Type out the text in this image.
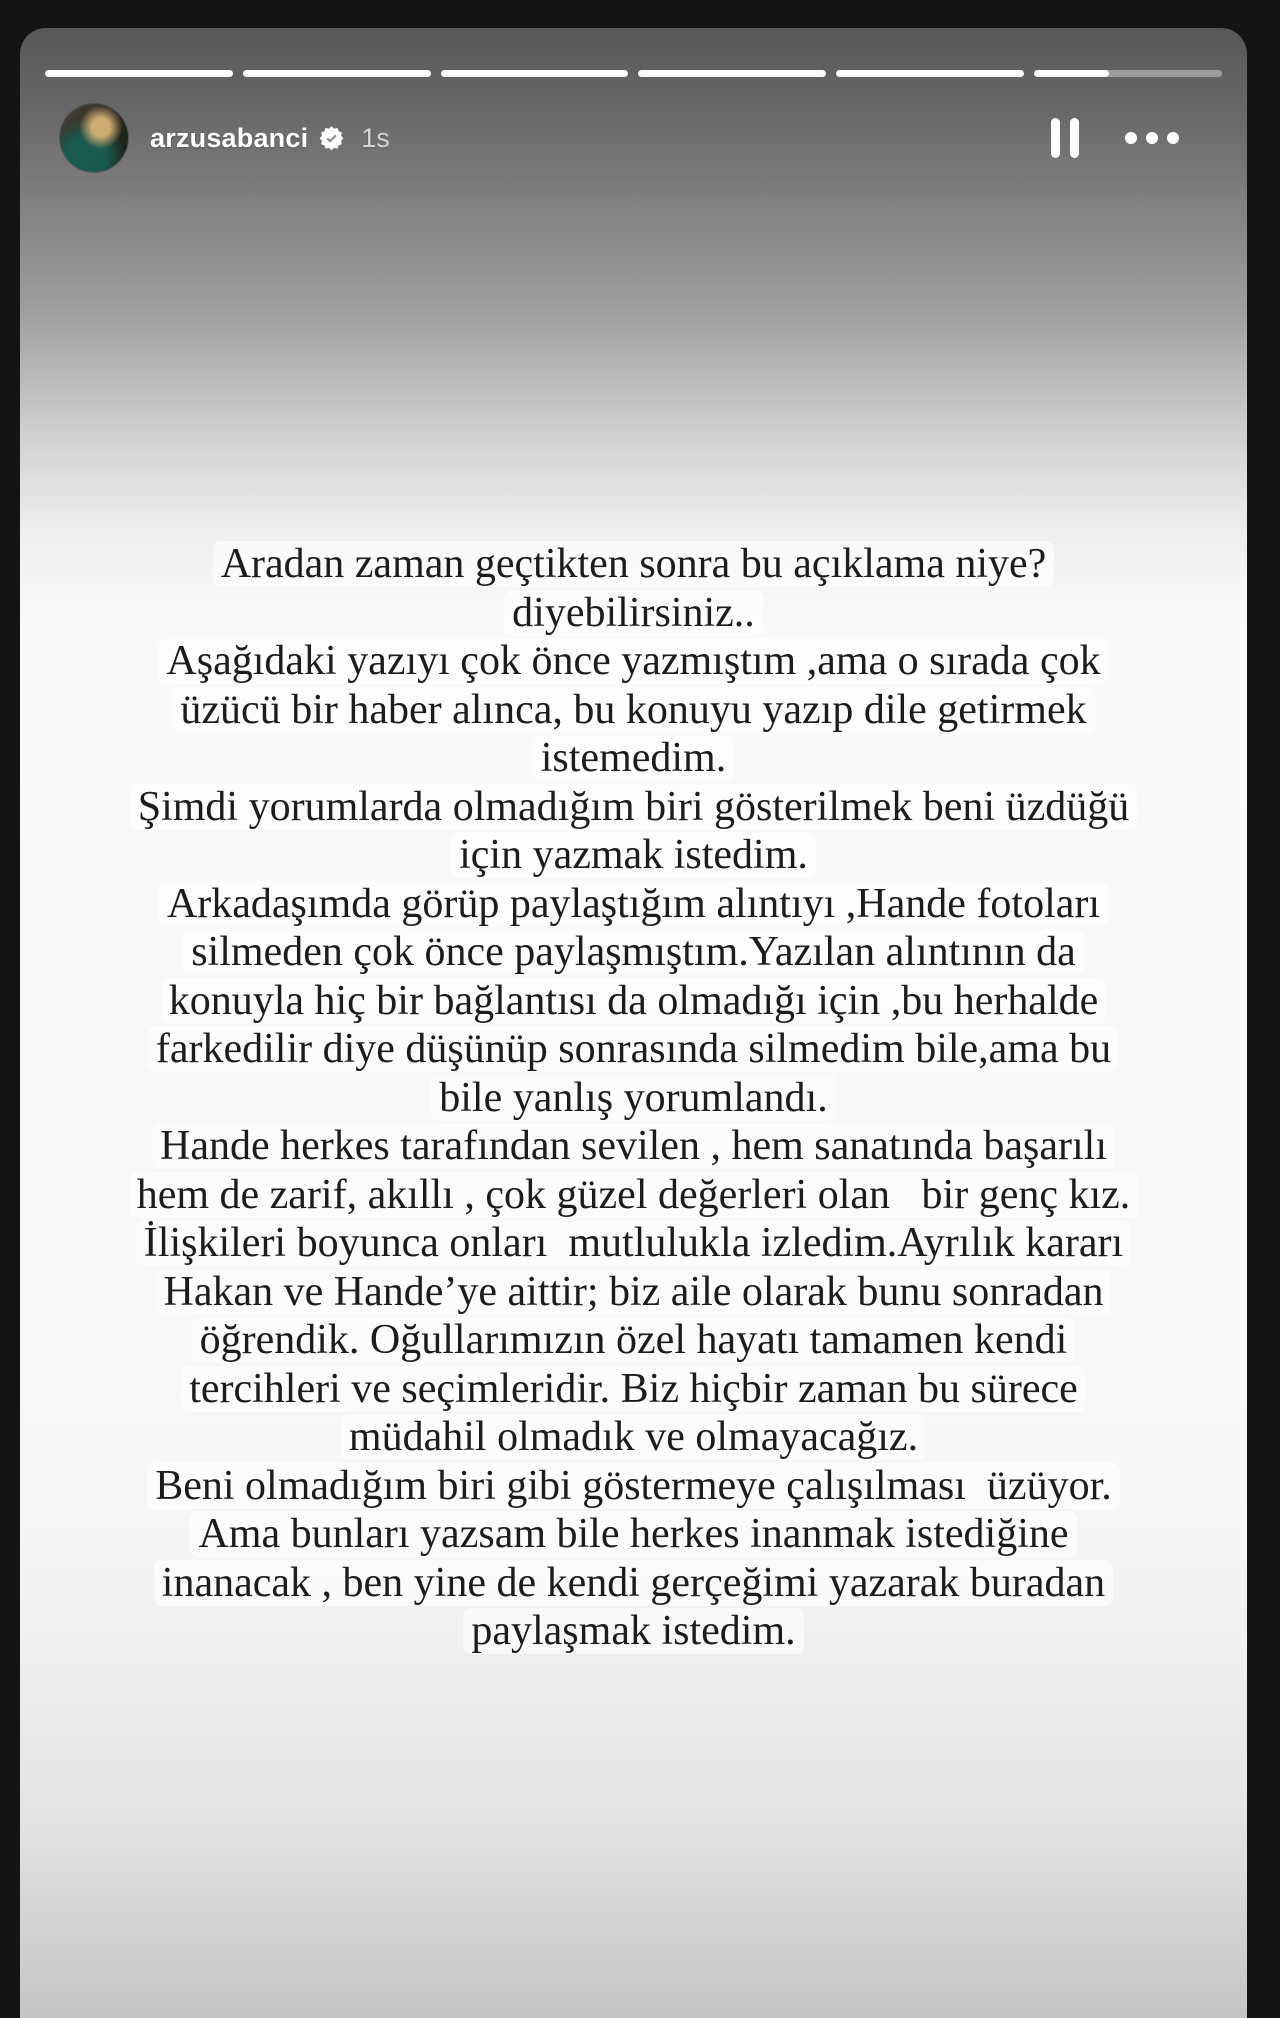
arzusabanci 1s
Aradan zaman geçtikten sonra bu açıklama niye?
diyebilirsiniz..
Aşağıdaki yazıyı çok önce yazmıştım ,ama o sırada çok
üzücü bir haber alınca, bu konuyu yazıp dile getirmek
istemedim.
Şimdi yorumlarda olmadığım biri gösterilmek beni üzdüğü
için yazmak istedim.
Arkadaşımda görüp paylaştığım alıntıyı ,Hande fotoları
silmeden çok önce paylaşmıştım.Yazılan alıntının da
konuyla hiç bir bağlantısı da olmadığı için ,bu herhalde
farkedilir diye düşünüp sonrasında silmedim bile,ama bu
bile yanlış yorumlandı.
Hande herkes tarafından sevilen , hem sanatında başarılı
hem de zarif, akıllı , çok güzel değerleri olan   bir genç kız.
İlişkileri boyunca onları  mutlulukla izledim.Ayrılık kararı
Hakan ve Hande’ye aittir; biz aile olarak bunu sonradan
öğrendik. Oğullarımızın özel hayatı tamamen kendi
tercihleri ve seçimleridir. Biz hiçbir zaman bu sürece
müdahil olmadık ve olmayacağız.
Beni olmadığım biri gibi göstermeye çalışılması  üzüyor.
Ama bunları yazsam bile herkes inanmak istediğine
inanacak , ben yine de kendi gerçeğimi yazarak buradan
paylaşmak istedim.
